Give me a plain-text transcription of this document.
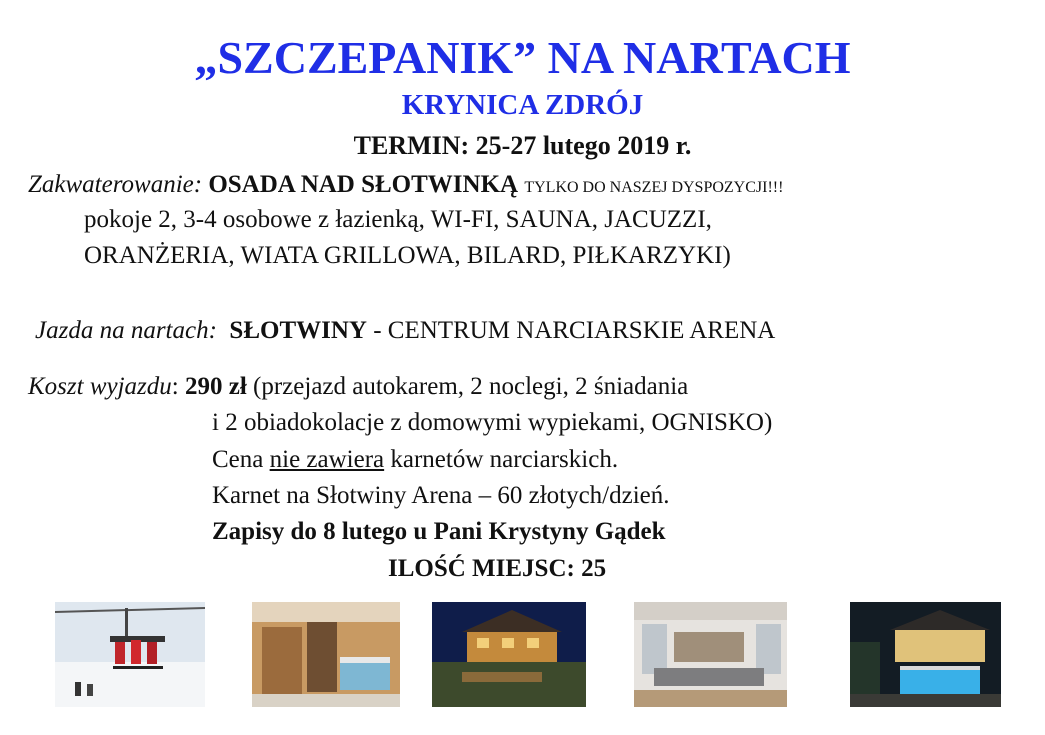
„SZCZEPANIK” NA NARTACH
KRYNICA ZDRÓJ
TERMIN: 25-27 lutego 2019 r.
Zakwaterowanie: OSADA NAD SŁOTWINKĄ TYLKO DO NASZEJ DYSPOZYCJI!!!
pokoje 2, 3-4 osobowe z łazienką, WI-FI, SAUNA, JACUZZI,
ORANŻERIA, WIATA GRILLOWA, BILARD, PIŁKARZYKI)
Jazda na nartach: SŁOTWINY - CENTRUM NARCIARSKIE ARENA
Koszt wyjazdu: 290 zł (przejazd autokarem, 2 noclegi, 2 śniadania
i 2 obiadokolacje z domowymi wypiekami, OGNISKO)
Cena nie zawiera karnetów narciarskich.
Karnet na Słotwiny Arena – 60 złotych/dzień.
Zapisy do 8 lutego u Pani Krystyny Gądek
ILOŚĆ MIEJSC: 25
